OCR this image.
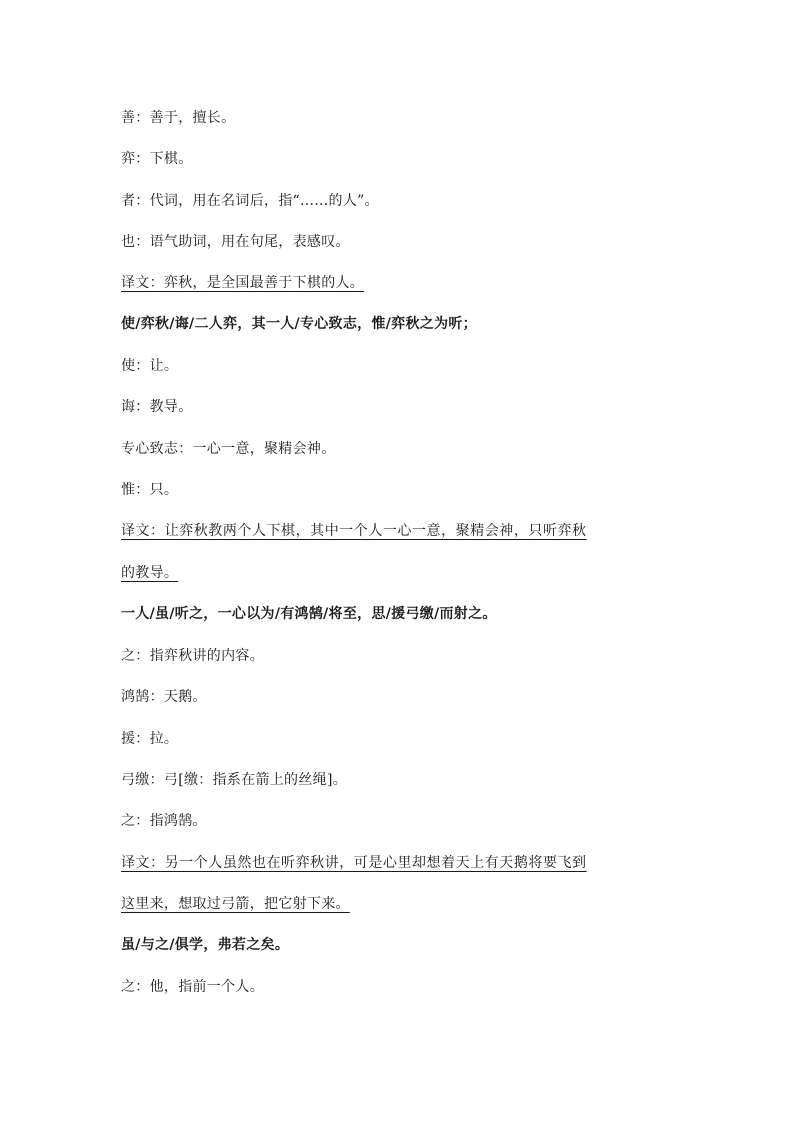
善：善于，擅长。
弈：下棋。
者：代词，用在名词后，指“......的人”。
也：语气助词，用在句尾，表感叹。
译文：弈秋，是全国最善于下棋的人。
使/弈秋/诲/二人弈，其一人/专心致志，惟/弈秋之为听；
使：让。
诲：教导。
专心致志：一心一意，聚精会神。
惟：只。
译文：让弈秋教两个人下棋，其中一个人一心一意，聚精会神，只听弈秋
的教导。
一人/虽/听之，一心以为/有鸿鹄/将至，思/援弓缴/而射之。
之：指弈秋讲的内容。
鸿鹄：天鹅。
援：拉。
弓缴：弓[缴：指系在箭上的丝绳]。
之：指鸿鹄。
译文：另一个人虽然也在听弈秋讲，可是心里却想着天上有天鹅将要飞到
这里来，想取过弓箭，把它射下来。
虽/与之/俱学，弗若之矣。
之：他，指前一个人。
